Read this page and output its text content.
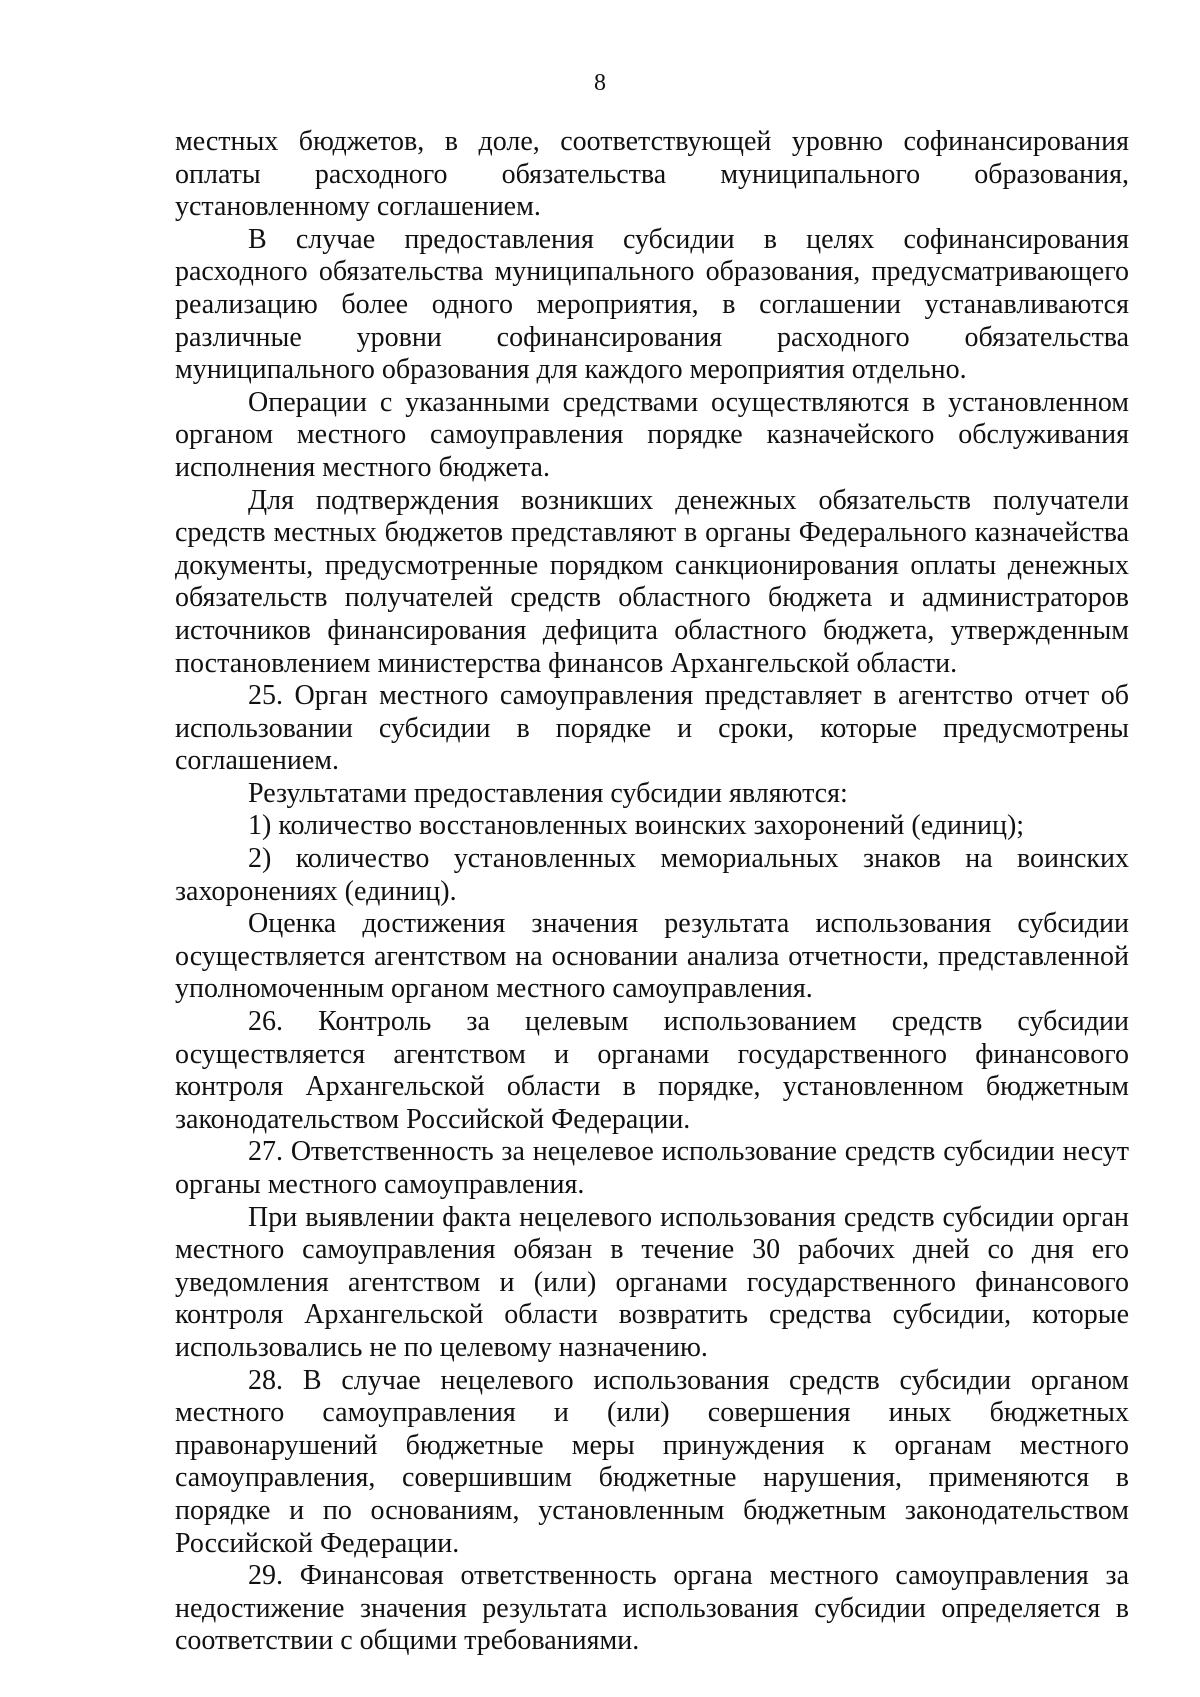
8

местных бюджетов, в доле, соответствующей уровню софинансирования оплаты расходного обязательства муниципального образования, установленному соглашением.

В случае предоставления субсидии в целях софинансирования расходного обязательства муниципального образования, предусматривающего реализацию более одного мероприятия, в соглашении устанавливаются различные уровни софинансирования расходного обязательства муниципального образования для каждого мероприятия отдельно.

Операции с указанными средствами осуществляются в установленном органом местного самоуправления порядке казначейского обслуживания исполнения местного бюджета.

Для подтверждения возникших денежных обязательств получатели средств местных бюджетов представляют в органы Федерального казначейства документы, предусмотренные порядком санкционирования оплаты денежных обязательств получателей средств областного бюджета и администраторов источников финансирования дефицита областного бюджета, утвержденным постановлением министерства финансов Архангельской области.

25. Орган местного самоуправления представляет в агентство отчет об использовании субсидии в порядке и сроки, которые предусмотрены соглашением.

Результатами предоставления субсидии являются:

1) количество восстановленных воинских захоронений (единиц);

2) количество установленных мемориальных знаков на воинских захоронениях (единиц).

Оценка достижения значения результата использования субсидии осуществляется агентством на основании анализа отчетности, представленной уполномоченным органом местного самоуправления.

26. Контроль за целевым использованием средств субсидии осуществляется агентством и органами государственного финансового контроля Архангельской области в порядке, установленном бюджетным законодательством Российской Федерации.

27. Ответственность за нецелевое использование средств субсидии несут органы местного самоуправления.

При выявлении факта нецелевого использования средств субсидии орган местного самоуправления обязан в течение 30 рабочих дней со дня его уведомления агентством и (или) органами государственного финансового контроля Архангельской области возвратить средства субсидии, которые использовались не по целевому назначению.

28. В случае нецелевого использования средств субсидии органом местного самоуправления и (или) совершения иных бюджетных правонарушений бюджетные меры принуждения к органам местного самоуправления, совершившим бюджетные нарушения, применяются в порядке и по основаниям, установленным бюджетным законодательством Российской Федерации.

29. Финансовая ответственность органа местного самоуправления за недостижение значения результата использования субсидии определяется в соответствии с общими требованиями.
